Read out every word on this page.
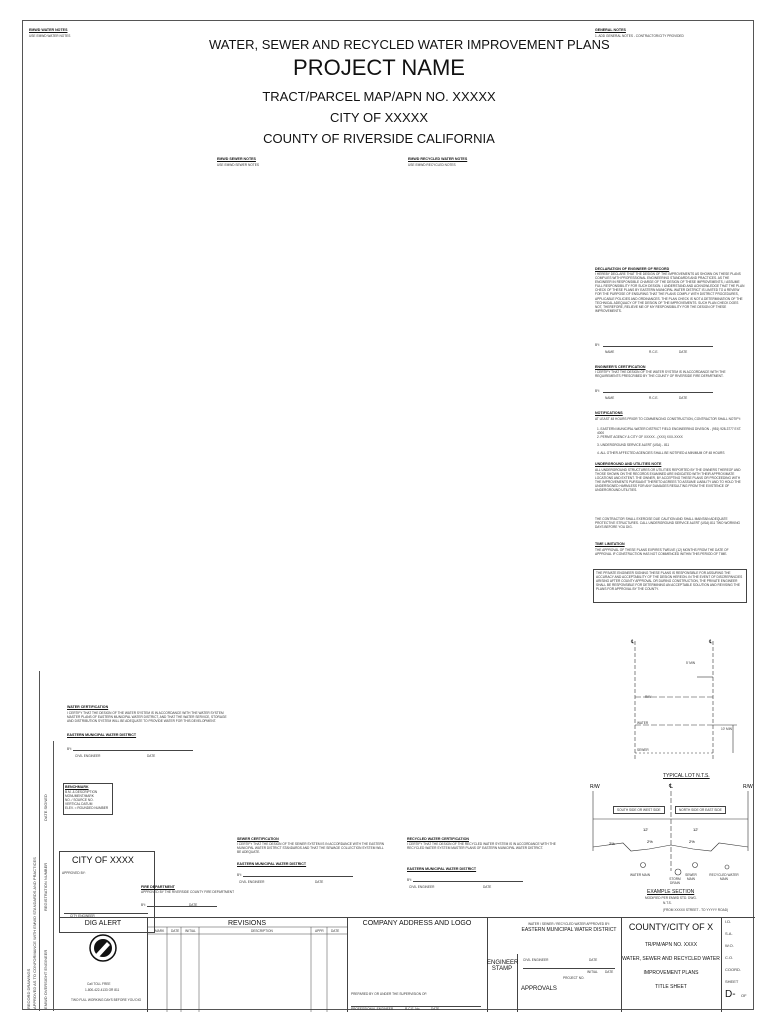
EMWD WATER NOTES
USE EMWD WATER NOTES
GENERAL NOTES
1. ADD GENERAL NOTES - CONTRACTOR/CITY PROVIDED
WATER, SEWER AND RECYCLED WATER IMPROVEMENT PLANS
PROJECT NAME
TRACT/PARCEL MAP/APN NO. XXXXX
CITY OF XXXXX
COUNTY OF RIVERSIDE CALIFORNIA
EMWD SEWER NOTES
USE EMWD SEWER NOTES
EMWD RECYCLED WATER NOTES
USE EMWD RECYCLED NOTES
DECLARATION OF ENGINEER OF RECORD
I HEREBY DECLARE THAT THE DESIGN OF THE IMPROVEMENTS AS SHOWN ON THESE PLANS COMPLIES WITH PROFESSIONAL ENGINEERING STANDARDS AND PRACTICES. AS THE ENGINEER IN RESPONSIBLE CHARGE OF THE DESIGN OF THESE IMPROVEMENTS, I ASSUME FULL RESPONSIBILITY FOR SUCH DESIGN. I UNDERSTAND AND ACKNOWLEDGE THAT THE PLAN CHECK OF THESE PLANS BY EASTERN MUNICIPAL WATER DISTRICT IS LIMITED TO A REVIEW FOR THE PURPOSE OF ENSURING THAT THE PLANS COMPLY WITH DISTRICT PROCEDURES, APPLICABLE POLICIES AND ORDINANCES. THE PLAN CHECK IS NOT A DETERMINATION OF THE TECHNICAL ADEQUACY OF THE DESIGN OF THE IMPROVEMENTS. SUCH PLAN CHECK DOES NOT, THEREFORE, RELIEVE ME OF MY RESPONSIBILITY FOR THE DESIGN OF THESE IMPROVEMENTS.
BY:
NAME	R.C.E.	DATE
ENGINEER'S CERTIFICATION
I CERTIFY THAT THE DESIGN OF THE WATER SYSTEM IS IN ACCORDANCE WITH THE REQUIREMENTS PRESCRIBED BY THE COUNTY OF RIVERSIDE FIRE DEPARTMENT.
BY:
NAME	R.C.E.	DATE
NOTIFICATIONS
AT LEAST 48 HOURS PRIOR TO COMMENCING CONSTRUCTION, CONTRACTOR SHALL NOTIFY:
1. EASTERN MUNICIPAL WATER DISTRICT FIELD ENGINEERING DIVISION - (951) 928-3777 EXT. 4000
2. PERMIT AGENCY & CITY OF XXXXX - (XXX) XXX-XXXX
3. UNDERGROUND SERVICE ALERT (USA) - 811
4. ALL OTHER AFFECTED AGENCIES SHALL BE NOTIFIED A MINIMUM OF 48 HOURS
UNDERGROUND AND UTILITIES NOTE
ALL UNDERGROUND STRUCTURES OR UTILITIES REPORTED BY THE OWNERS THEREOF AND THOSE SHOWN ON THE RECORDS EXAMINED ARE INDICATED WITH THEIR APPROXIMATE LOCATIONS AND EXTENT. THE OWNER, BY ACCEPTING THESE PLANS OR PROCEEDING WITH THE IMPROVEMENTS PURSUANT THERETO AGREES TO ASSUME LIABILITY AND TO HOLD THE UNDERSIGNED HARMLESS FOR ANY DAMAGES RESULTING FROM THE EXISTENCE OF UNDERGROUND UTILITIES.
THE CONTRACTOR SHALL EXERCISE DUE CAUTION AND SHALL MAINTAIN ADEQUATE PROTECTIVE STRUCTURES. CALL UNDERGROUND SERVICE ALERT (USA) 811 TWO WORKING DAYS BEFORE YOU DIG.
TIME LIMITATION
THE APPROVAL OF THESE PLANS EXPIRES TWELVE (12) MONTHS FROM THE DATE OF APPROVAL IF CONSTRUCTION HAS NOT COMMENCED WITHIN THIS PERIOD OF TIME.
THE PRIVATE ENGINEER SIGNING THESE PLANS IS RESPONSIBLE FOR ASSURING THE ACCURACY AND ACCEPTABILITY OF THE DESIGN HEREON. IN THE EVENT OF DISCREPANCIES ARISING AFTER COUNTY APPROVAL OR DURING CONSTRUCTION, THE PRIVATE ENGINEER SHALL BE RESPONSIBLE FOR DETERMINING AN ACCEPTABLE SOLUTION AND REVISING THE PLANS FOR APPROVAL BY THE COUNTY.
℄	℄
5' MIN
R/W
WATER
10' MIN
SEWER
TYPICAL LOT N.T.S.
R/W	R/W
℄
2%	2%	2%
12'	12'
SOUTH SIDE OR WEST SIDE	NORTH SIDE OR EAST SIDE
WATER MAIN	SEWER MAIN
STORM DRAIN
RECYCLED WATER MAIN
EXAMPLE SECTION
MODIFIED PER EMWD STD. DWG.
N.T.S.
(FROM XXXXX STREET - TO YYYYY ROAD)
WATER CERTIFICATION
I CERTIFY THAT THE DESIGN OF THE WATER SYSTEM IS IN ACCORDANCE WITH THE WATER SYSTEM MASTER PLANS OF EASTERN MUNICIPAL WATER DISTRICT, AND THAT THE WATER SERVICE, STORAGE AND DISTRIBUTION SYSTEM WILL BE ADEQUATE TO PROVIDE WATER FOR THIS DEVELOPMENT.
EASTERN MUNICIPAL WATER DISTRICT
BY:
CIVIL ENGINEER	DATE
BENCHMARK
B.M. & DESCRIPTION
MONUMENT/MARK
NO. / SOURCE NO.
VERTICAL DATUM
ELEV. = ROUNDED NUMBER
CITY OF XXXX
APPROVED BY:
CITY ENGINEER
FIRE DEPARTMENT
APPROVED BY THE RIVERSIDE COUNTY FIRE DEPARTMENT
BY:	DATE
SEWER CERTIFICATION
I CERTIFY THAT THE DESIGN OF THE SEWER SYSTEM IS IN ACCORDANCE WITH THE EASTERN MUNICIPAL WATER DISTRICT STANDARDS AND THAT THE SEWAGE COLLECTION SYSTEM WILL BE ADEQUATE.
EASTERN MUNICIPAL WATER DISTRICT
BY:
CIVIL ENGINEER	DATE
RECYCLED WATER CERTIFICATION
I CERTIFY THAT THE DESIGN OF THE RECYCLED WATER SYSTEM IS IN ACCORDANCE WITH THE RECYCLED WATER SYSTEM MASTER PLANS OF EASTERN MUNICIPAL WATER DISTRICT.
EASTERN MUNICIPAL WATER DISTRICT
BY:
CIVIL ENGINEER	DATE
RECORD DRAWINGS APPROVED AS TO CONFORMANCE WITH EMWD STANDARDS AND PRACTICES
DATE SIGNED
REGISTRATION NUMBER
EMWD OVERSIGHT ENGINEER
DIG ALERT
Call TOLL FREE
1-800-422-4133 OR 811
TWO FULL WORKING DAYS BEFORE YOU DIG
REVISIONS
MARK DATE INITIAL	DESCRIPTION	APPR DATE
COMPANY ADDRESS AND LOGO
ENGINEER STAMP
PREPARED BY OR UNDER THE SUPERVISION OF:
PROFESSIONAL ENGINEER	R.C.E. No.	DATE
WATER / SEWER / RECYCLED WATER APPROVED BY:
EASTERN MUNICIPAL WATER DISTRICT
CIVIL ENGINEER	DATE
INITIAL DATE
PROJECT NO.
APPROVALS
COUNTY/CITY OF X
TR/PM/APN NO. XXXX
WATER, SEWER AND RECYCLED WATER
IMPROVEMENT PLANS
TITLE SHEET
I.D.
S.A.
W.O.
C.O.
COORD.
SHEET
OF
D-
